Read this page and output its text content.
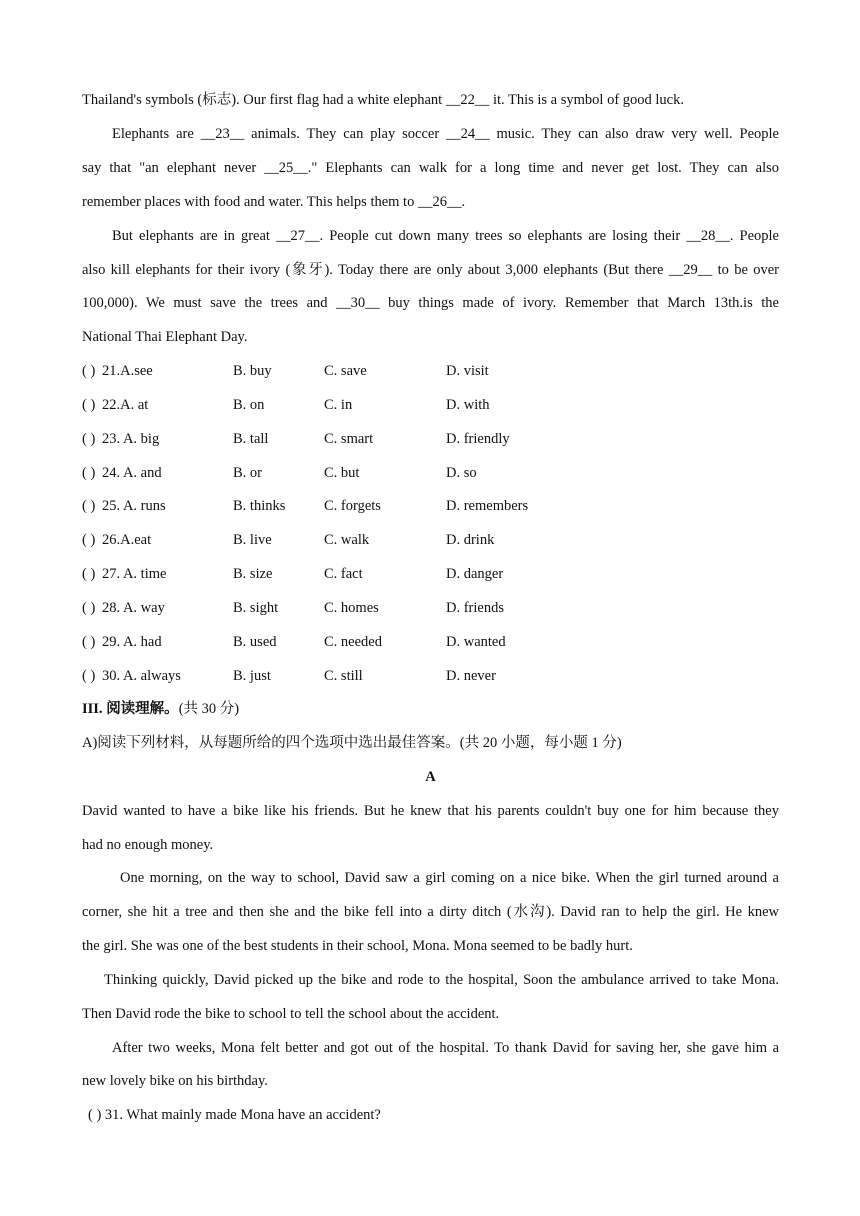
Thailand's symbols (标志). Our first flag had a white elephant __22__ it. This is a symbol of good luck.
Elephants are __23__ animals. They can play soccer __24__ music. They can also draw very well. People
say that "an elephant never __25__." Elephants can walk for a long time and never get lost. They can also
remember places with food and water. This helps them to __26__.
But elephants are in great __27__. People cut down many trees so elephants are losing their __28__. People
also kill elephants for their ivory (象牙). Today there are only about 3,000 elephants (But there __29__ to be over
100,000). We must save the trees and __30__ buy things made of ivory. Remember that March 13th.is the
National Thai Elephant Day.
( ) 21.A.see	B. buy	C. save	D. visit
( ) 22.A. at	B. on	C. in	D. with
( ) 23. A. big	B. tall	C. smart	D. friendly
( ) 24. A. and	B. or	C. but	D. so
( ) 25. A. runs	B. thinks	C. forgets	D. remembers
( ) 26.A.eat	B. live	C. walk	D. drink
( ) 27. A. time	B. size	C. fact	D. danger
( ) 28. A. way	B. sight	C. homes	D. friends
( ) 29. A. had	B. used	C. needed	D. wanted
( ) 30. A. always	B. just	C. still	D. never
III. 阅读理解。(共 30 分)
A)阅读下列材料，从每题所给的四个选项中选出最佳答案。(共 20 小题，每小题 1 分)
A
David wanted to have a bike like his friends. But he knew that his parents couldn't buy one for him because they
had no enough money.
One morning, on the way to school, David saw a girl coming on a nice bike. When the girl turned around a
corner, she hit a tree and then she and the bike fell into a dirty ditch (水沟). David ran to help the girl. He knew
the girl. She was one of the best students in their school, Mona. Mona seemed to be badly hurt.
Thinking quickly, David picked up the bike and rode to the hospital, Soon the ambulance arrived to take Mona.
Then David rode the bike to school to tell the school about the accident.
After two weeks, Mona felt better and got out of the hospital. To thank David for saving her, she gave him a
new lovely bike on his birthday.
( ) 31. What mainly made Mona have an accident?
